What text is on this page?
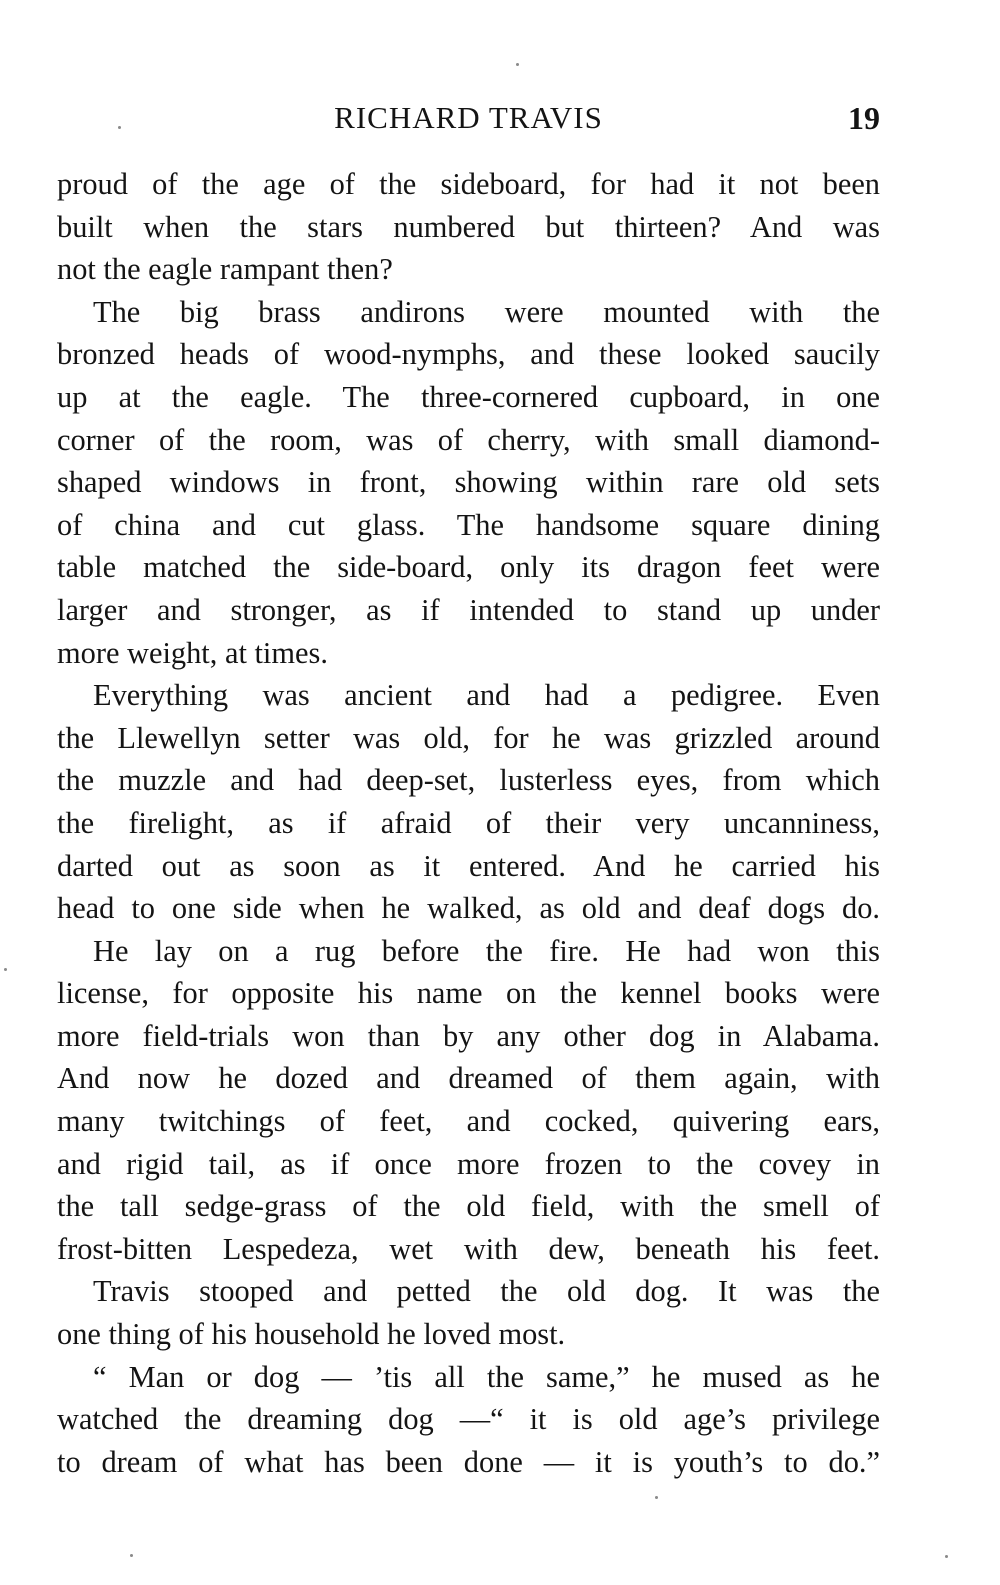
RICHARD TRAVIS	19
proud of the age of the sideboard, for had it not been
built when the stars numbered but thirteen? And was
not the eagle rampant then?
The big brass andirons were mounted with the
bronzed heads of wood-nymphs, and these looked saucily
up at the eagle. The three-cornered cupboard, in one
corner of the room, was of cherry, with small diamond-
shaped windows in front, showing within rare old sets
of china and cut glass. The handsome square dining
table matched the side-board, only its dragon feet were
larger and stronger, as if intended to stand up under
more weight, at times.
Everything was ancient and had a pedigree. Even
the Llewellyn setter was old, for he was grizzled around
the muzzle and had deep-set, lusterless eyes, from which
the firelight, as if afraid of their very uncanniness,
darted out as soon as it entered. And he carried his
head to one side when he walked, as old and deaf dogs do.
He lay on a rug before the fire. He had won this
license, for opposite his name on the kennel books were
more field-trials won than by any other dog in Alabama.
And now he dozed and dreamed of them again, with
many twitchings of feet, and cocked, quivering ears,
and rigid tail, as if once more frozen to the covey in
the tall sedge-grass of the old field, with the smell of
frost-bitten Lespedeza, wet with dew, beneath his feet.
Travis stooped and petted the old dog. It was the
one thing of his household he loved most.
“ Man or dog — ’tis all the same,” he mused as he
watched the dreaming dog —“ it is old age’s privilege
to dream of what has been done — it is youth’s to do.”
